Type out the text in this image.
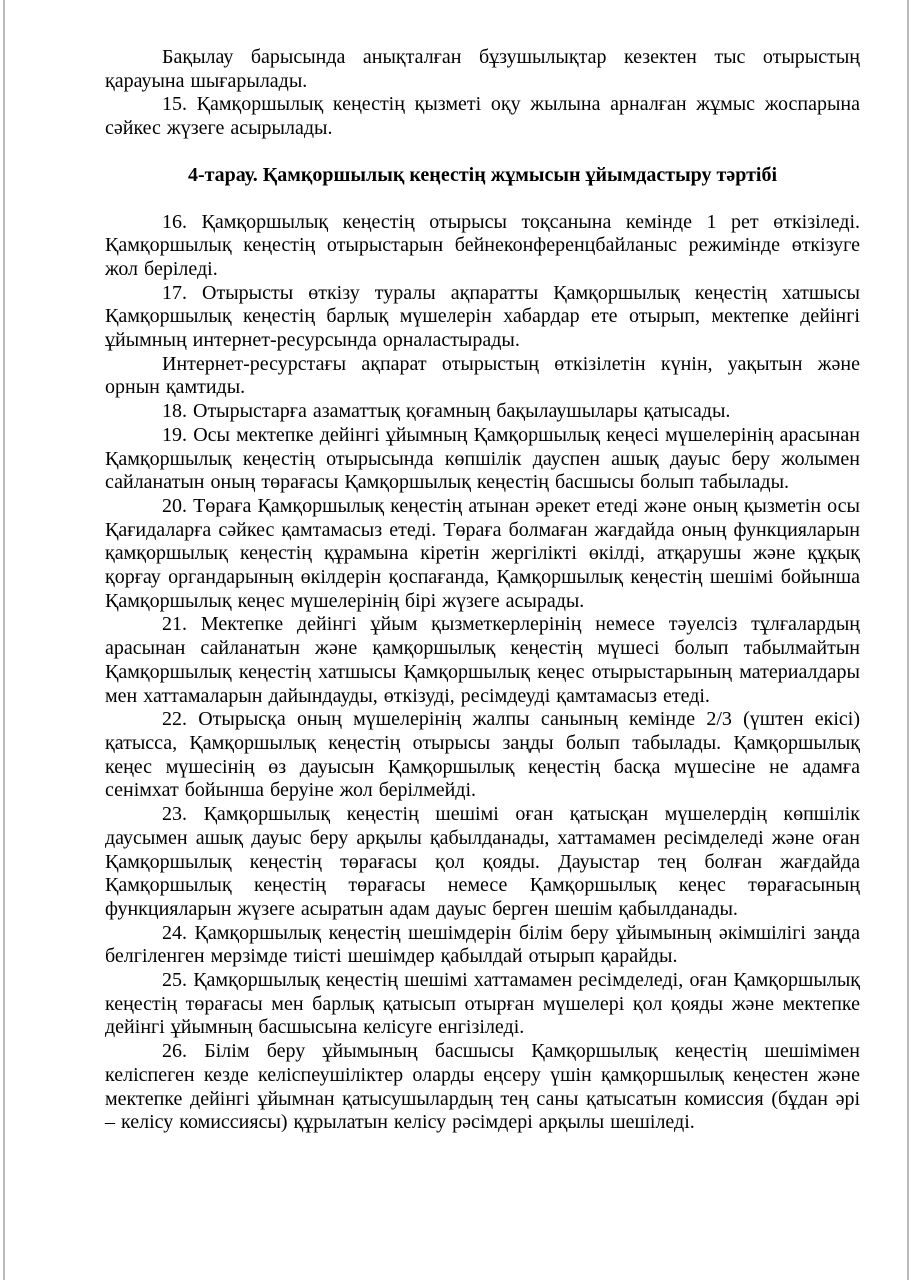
Бақылау барысында анықталған бұзушылықтар кезектен тыс отырыстың қарауына шығарылады.

15. Қамқоршылық кеңестің қызметі оқу жылына арналған жұмыс жоспарына сәйкес жүзеге асырылады.

4-тарау. Қамқоршылық кеңестің жұмысын ұйымдастыру тәртібі

16. Қамқоршылық кеңестің отырысы тоқсанына кемінде 1 рет өткізіледі. Қамқоршылық кеңестің отырыстарын бейнеконференцбайланыс режимінде өткізуге жол беріледі.

17. Отырысты өткізу туралы ақпаратты Қамқоршылық кеңестің хатшысы Қамқоршылық кеңестің барлық мүшелерін хабардар ете отырып, мектепке дейінгі ұйымның интернет-ресурсында орналастырады.

Интернет-ресурстағы ақпарат отырыстың өткізілетін күнін, уақытын және орнын қамтиды.

18. Отырыстарға азаматтық қоғамның бақылаушылары қатысады.

19. Осы мектепке дейінгі ұйымның Қамқоршылық кеңесі мүшелерінің арасынан Қамқоршылық кеңестің отырысында көпшілік дауспен ашық дауыс беру жолымен сайланатын оның төрағасы Қамқоршылық кеңестің басшысы болып табылады.

20. Төраға Қамқоршылық кеңестің атынан әрекет етеді және оның қызметін осы Қағидаларға сәйкес қамтамасыз етеді. Төраға болмаған жағдайда оның функцияларын қамқоршылық кеңестің құрамына кіретін жергілікті өкілді, атқарушы және құқық қорғау органдарының өкілдерін қоспағанда, Қамқоршылық кеңестің шешімі бойынша Қамқоршылық кеңес мүшелерінің бірі жүзеге асырады.

21. Мектепке дейінгі ұйым қызметкерлерінің немесе тәуелсіз тұлғалардың арасынан сайланатын және қамқоршылық кеңестің мүшесі болып табылмайтын Қамқоршылық кеңестің хатшысы Қамқоршылық кеңес отырыстарының материалдары мен хаттамаларын дайындауды, өткізуді, ресімдеуді қамтамасыз етеді.

22. Отырысқа оның мүшелерінің жалпы санының кемінде 2/3 (үштен екісі) қатысса, Қамқоршылық кеңестің отырысы заңды болып табылады. Қамқоршылық кеңес мүшесінің өз дауысын Қамқоршылық кеңестің басқа мүшесіне не адамға сенімхат бойынша беруіне жол берілмейді.

23. Қамқоршылық кеңестің шешімі оған қатысқан мүшелердің көпшілік даусымен ашық дауыс беру арқылы қабылданады, хаттамамен ресімделеді және оған Қамқоршылық кеңестің төрағасы қол қояды. Дауыстар тең болған жағдайда Қамқоршылық кеңестің төрағасы немесе Қамқоршылық кеңес төрағасының функцияларын жүзеге асыратын адам дауыс берген шешім қабылданады.

24. Қамқоршылық кеңестің шешімдерін білім беру ұйымының әкімшілігі заңда белгіленген мерзімде тиісті шешімдер қабылдай отырып қарайды.

25. Қамқоршылық кеңестің шешімі хаттамамен ресімделеді, оған Қамқоршылық кеңестің төрағасы мен барлық қатысып отырған мүшелері қол қояды және мектепке дейінгі ұйымның басшысына келісуге енгізіледі.

26. Білім беру ұйымының басшысы Қамқоршылық кеңестің шешімімен келіспеген кезде келіспеушіліктер оларды еңсеру үшін қамқоршылық кеңестен және мектепке дейінгі ұйымнан қатысушылардың тең саны қатысатын комиссия (бұдан әрі – келісу комиссиясы) құрылатын келісу рәсімдері арқылы шешіледі.
